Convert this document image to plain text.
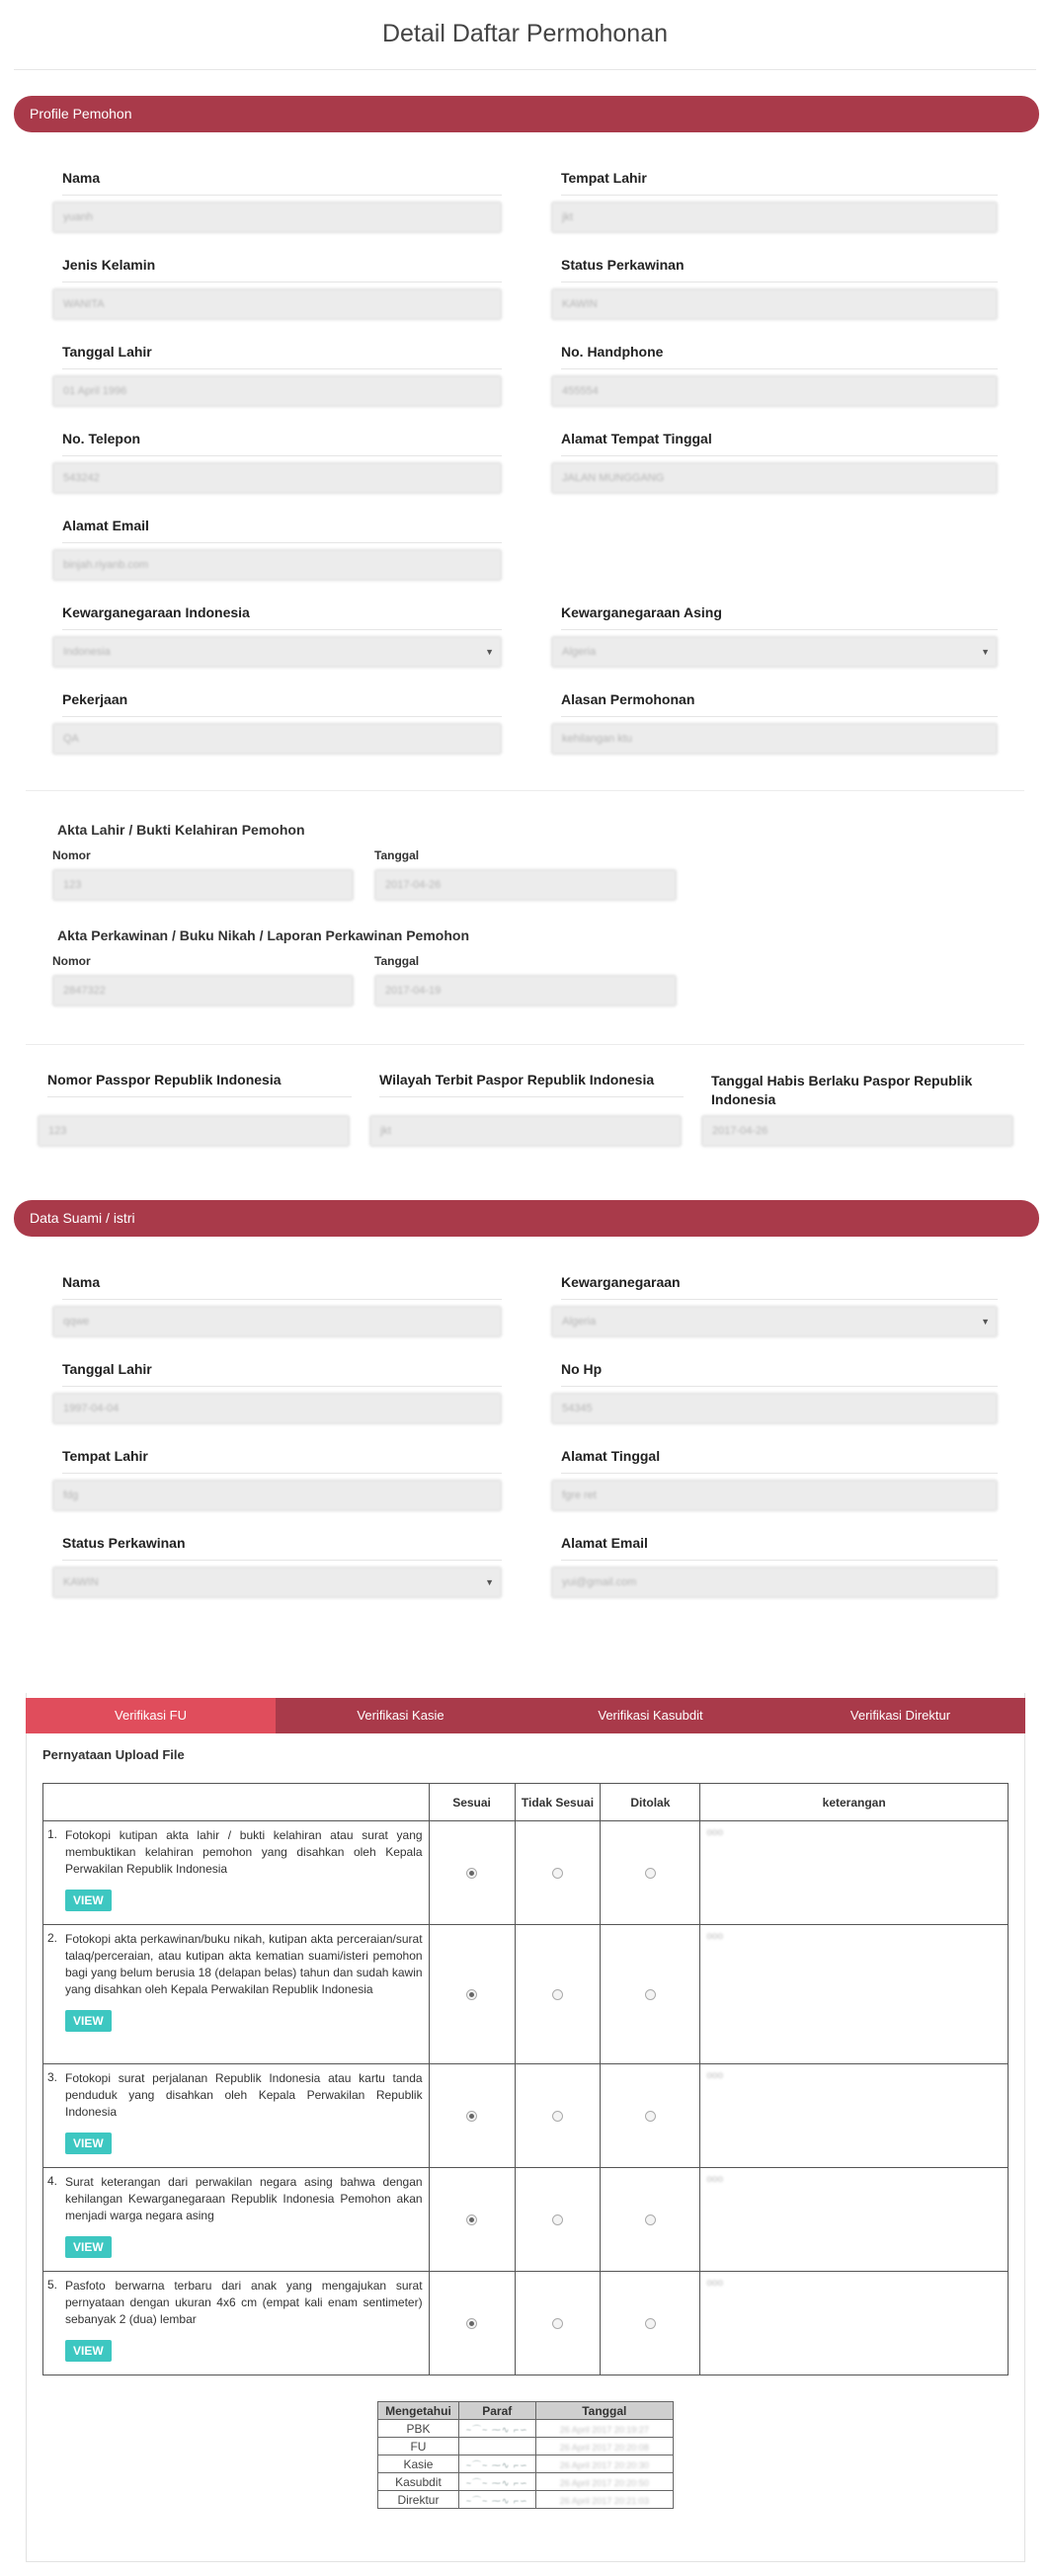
Detail Daftar Permohonan
Profile Pemohon
Nama
yuanh
Tempat Lahir
jkt
Jenis Kelamin
WANITA
Status Perkawinan
KAWIN
Tanggal Lahir
01 April 1996
No. Handphone
455554
No. Telepon
543242
Alamat Tempat Tinggal
JALAN MUNGGANG
Alamat Email
binjah.riyanb.com
Kewarganegaraan Indonesia
Indonesia	▼
Kewarganegaraan Asing
Algeria	▼
Pekerjaan
QA
Alasan Permohonan
kehilangan ktu
Akta Lahir / Bukti Kelahiran Pemohon
Nomor
123
Tanggal
2017-04-26
Akta Perkawinan / Buku Nikah / Laporan Perkawinan Pemohon
Nomor
2847322
Tanggal
2017-04-19
Nomor Passpor Republik Indonesia
123
Wilayah Terbit Paspor Republik Indonesia
jkt
Tanggal Habis Berlaku Paspor Republik Indonesia
2017-04-26
Data Suami / istri
Nama
qqwe
Kewarganegaraan
Algeria	▼
Tanggal Lahir
1997-04-04
No Hp
54345
Tempat Lahir
fdg
Alamat Tinggal
fgre ret
Status Perkawinan
KAWIN	▼
Alamat Email
yui@gmail.com
Verifikasi FU	Verifikasi Kasie	Verifikasi Kasubdit	Verifikasi Direktur
Pernyataan Upload File
	Sesuai	Tidak Sesuai	Ditolak	keterangan

1. Fotokopi kutipan akta lahir / bukti kelahiran atau surat yang membuktikan kelahiran pemohon yang disahkan oleh Kepala Perwakilan Republik Indonesia
VIEW				ooo

2. Fotokopi akta perkawinan/buku nikah, kutipan akta perceraian/surat talaq/perceraian, atau kutipan akta kematian suami/isteri pemohon bagi yang belum berusia 18 (delapan belas) tahun dan sudah kawin yang disahkan oleh Kepala Perwakilan Republik Indonesia
VIEW				ooo

3. Fotokopi surat perjalanan Republik Indonesia atau kartu tanda penduduk yang disahkan oleh Kepala Perwakilan Republik Indonesia
VIEW				ooo

4. Surat keterangan dari perwakilan negara asing bahwa dengan kehilangan Kewarganegaraan Republik Indonesia Pemohon akan menjadi warga negara asing
VIEW				ooo

5. Pasfoto berwarna terbaru dari anak yang mengajukan surat pernyataan dengan ukuran 4x6 cm (empat kali enam sentimeter) sebanyak 2 (dua) lembar
VIEW				ooo
Mengetahui	Paraf	Tanggal
PBK	~⌒~ ⁓∿ ⌐∽	26 April 2017 20:19:27
FU		26 April 2017 20:20:08
Kasie	~⌒~ ⁓∿ ⌐∽	26 April 2017 20:20:30
Kasubdit	~⌒~ ⁓∿ ⌐∽	26 April 2017 20:20:50
Direktur	~⌒~ ⁓∿ ⌐∽	26 April 2017 20:21:03
